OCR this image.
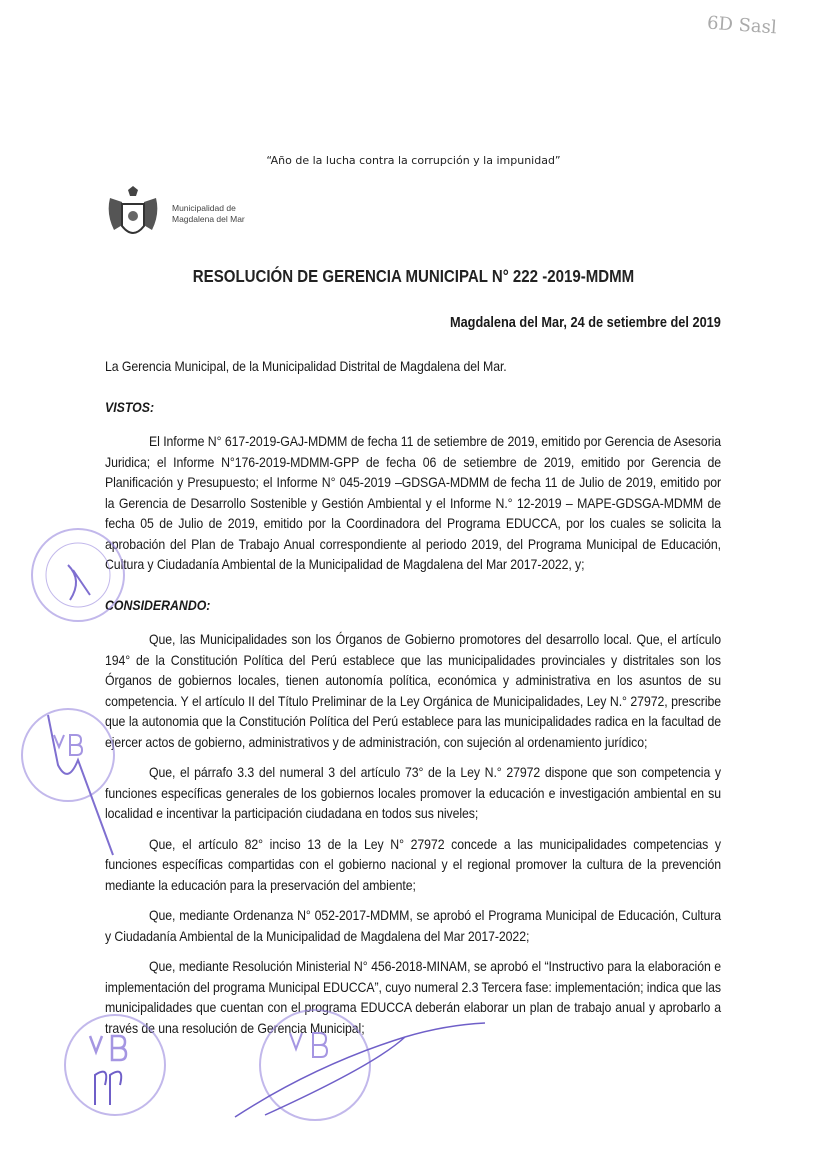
6D Sasl
“Año de la lucha contra la corrupción y la impunidad”
Municipalidad de
Magdalena del Mar
RESOLUCIÓN DE GERENCIA MUNICIPAL N° 222 -2019-MDMM
Magdalena del Mar, 24 de setiembre del 2019
La Gerencia Municipal, de la Municipalidad Distrital de Magdalena del Mar.
VISTOS:
El Informe N° 617-2019-GAJ-MDMM de fecha 11 de setiembre de 2019, emitido por Gerencia de Asesoria Juridica; el Informe N°176-2019-MDMM-GPP de fecha 06 de setiembre de 2019, emitido por Gerencia de Planificación y Presupuesto; el Informe N° 045-2019 –GDSGA-MDMM de fecha 11 de Julio de 2019, emitido por la Gerencia de Desarrollo Sostenible y Gestión Ambiental y el Informe N.° 12-2019 – MAPE-GDSGA-MDMM de fecha 05 de Julio de 2019, emitido por la Coordinadora del Programa EDUCCA, por los cuales se solicita la aprobación del Plan de Trabajo Anual correspondiente al periodo 2019, del Programa Municipal de Educación, Cultura y Ciudadanía Ambiental de la Municipalidad de Magdalena del Mar 2017-2022, y;
CONSIDERANDO:
Que, las Municipalidades son los Órganos de Gobierno promotores del desarrollo local. Que, el artículo 194° de la Constitución Política del Perú establece que las municipalidades provinciales y distritales son los Órganos de gobiernos locales, tienen autonomía política, económica y administrativa en los asuntos de su competencia. Y el artículo II del Título Preliminar de la Ley Orgánica de Municipalidades, Ley N.° 27972, prescribe que la autonomia que la Constitución Política del Perú establece para las municipalidades radica en la facultad de ejercer actos de gobierno, administrativos y de administración, con sujeción al ordenamiento jurídico;
Que, el párrafo 3.3 del numeral 3 del artículo 73° de la Ley N.° 27972 dispone que son competencia y funciones específicas generales de los gobiernos locales promover la educación e investigación ambiental en su localidad e incentivar la participación ciudadana en todos sus niveles;
Que, el artículo 82° inciso 13 de la Ley N° 27972 concede a las municipalidades competencias y funciones específicas compartidas con el gobierno nacional y el regional promover la cultura de la prevención mediante la educación para la preservación del ambiente;
Que, mediante Ordenanza N° 052-2017-MDMM, se aprobó el Programa Municipal de Educación, Cultura y Ciudadanía Ambiental de la Municipalidad de Magdalena del Mar 2017-2022;
Que, mediante Resolución Ministerial N° 456-2018-MINAM, se aprobó el “Instructivo para la elaboración e implementación del programa Municipal EDUCCA”, cuyo numeral 2.3 Tercera fase: implementación; indica que las municipalidades que cuentan con el programa EDUCCA deberán elaborar un plan de trabajo anual y aprobarlo a través de una resolución de Gerencia Municipal;
